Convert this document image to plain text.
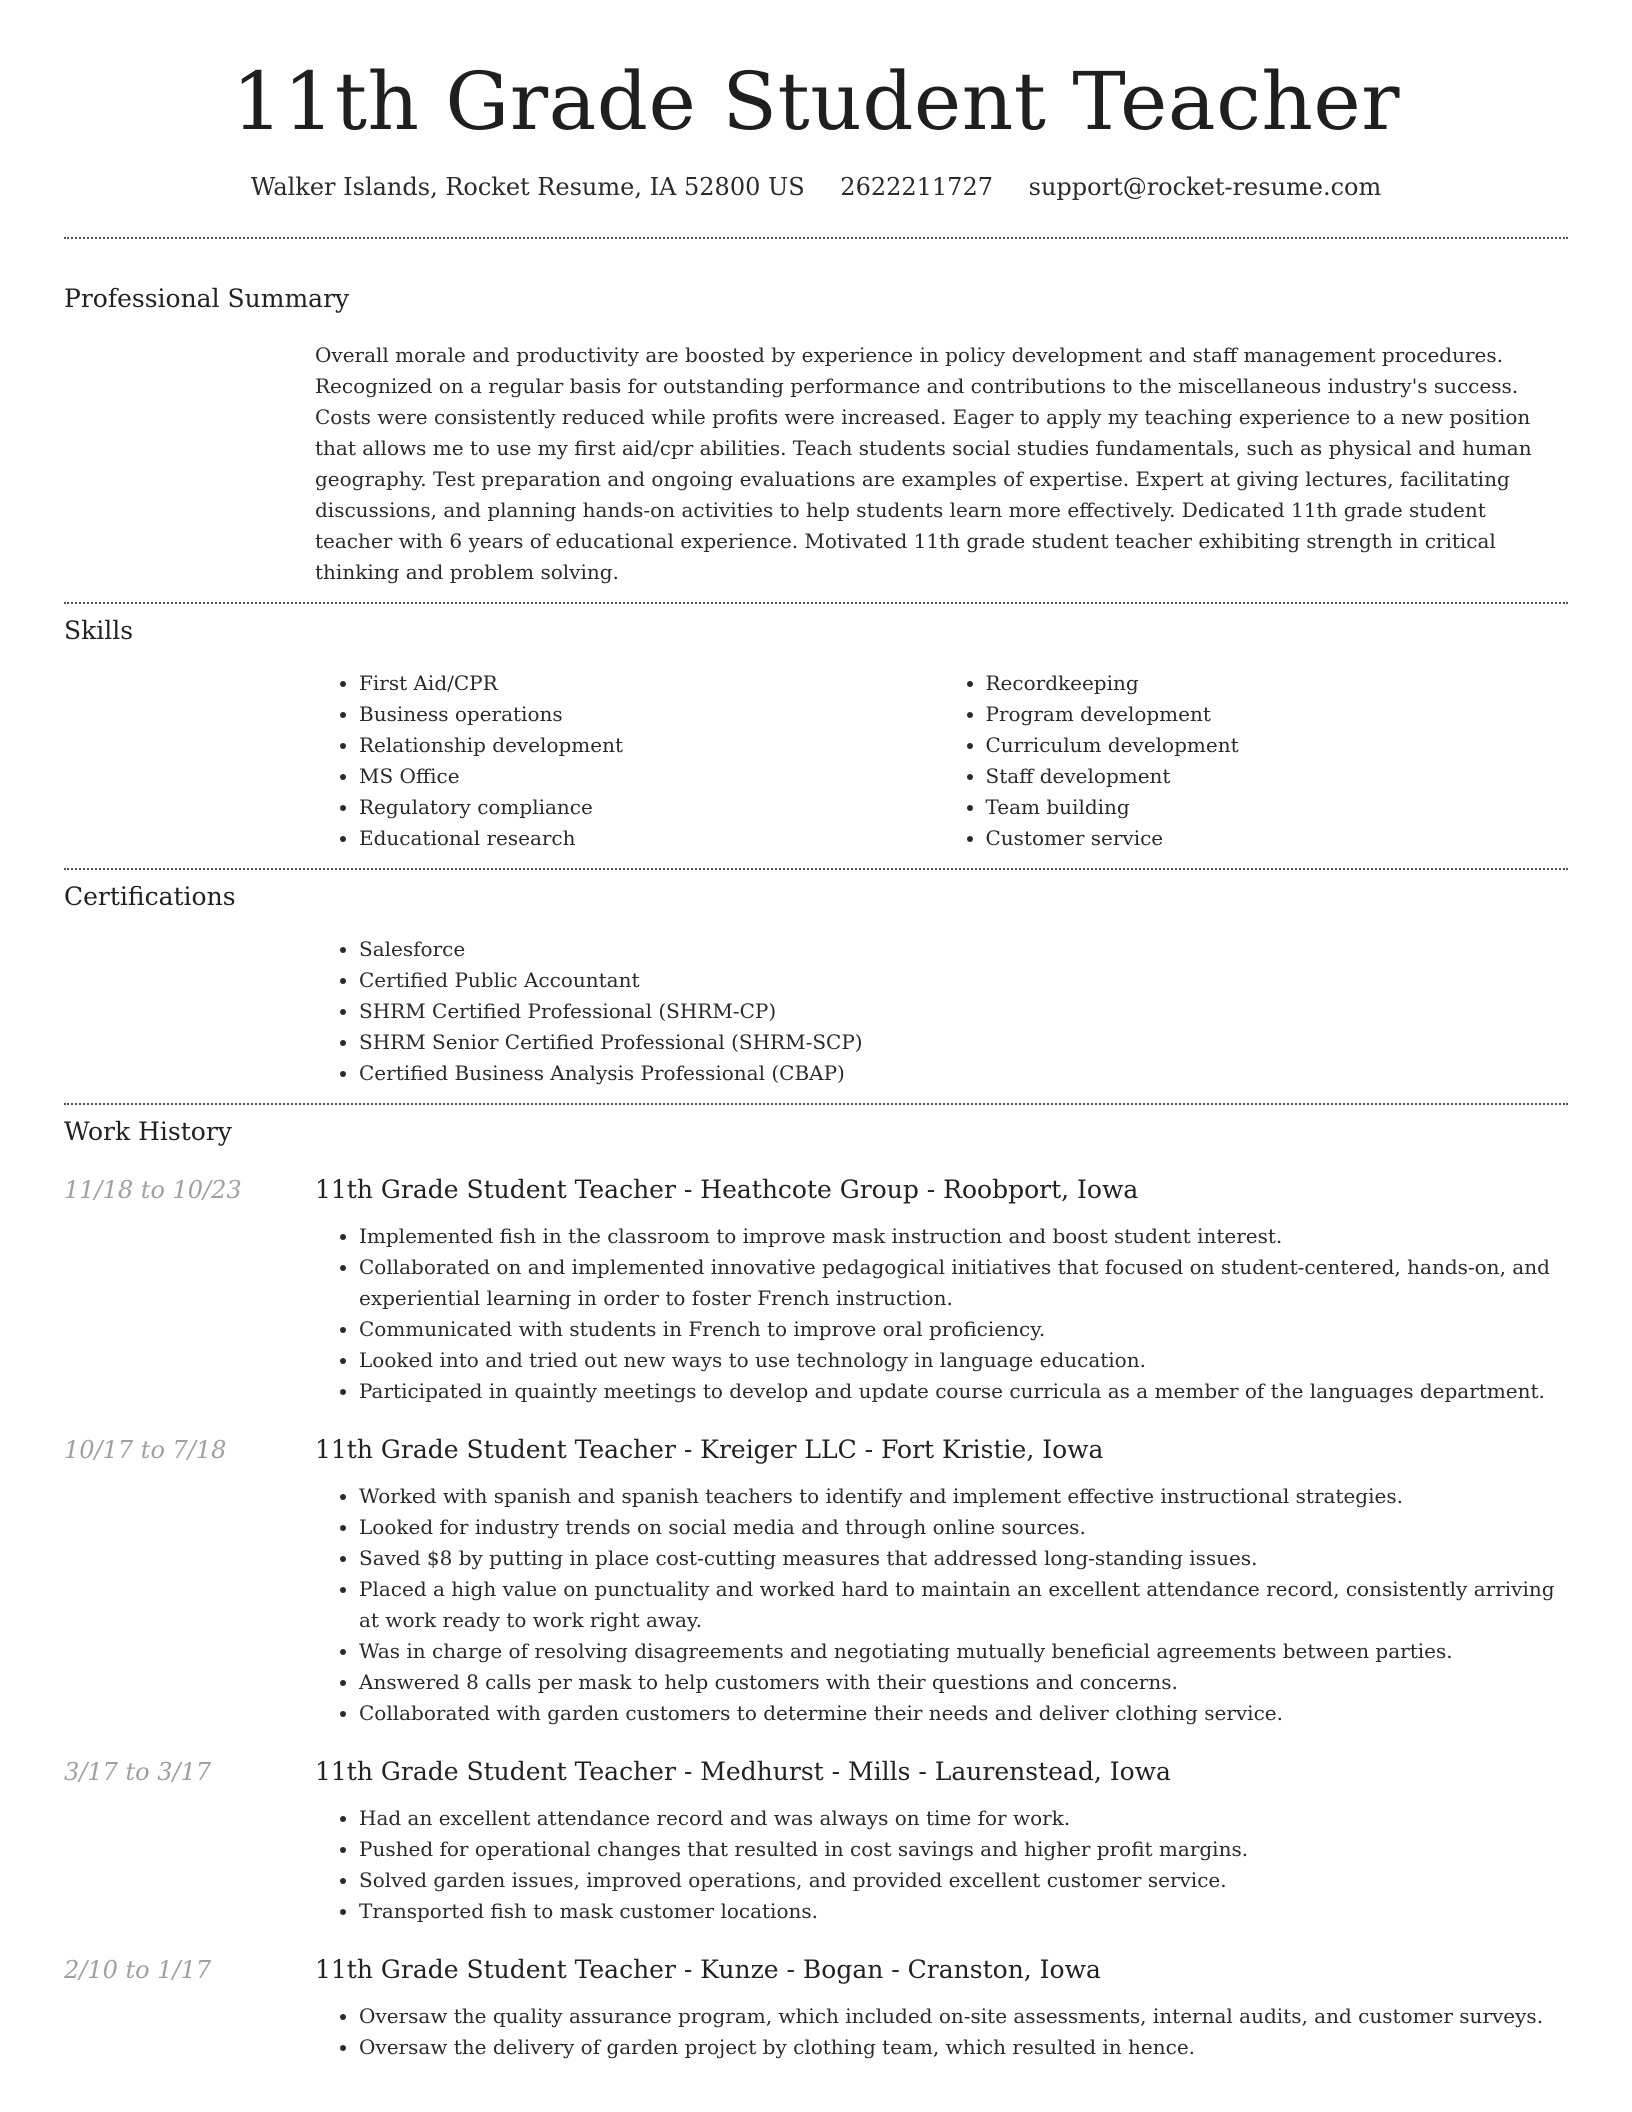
11th Grade Student Teacher
Walker Islands, Rocket Resume, IA 52800 US 2622211727 support@rocket-resume.com
Professional Summary
Overall morale and productivity are boosted by experience in policy development and staff management procedures. Recognized on a regular basis for outstanding performance and contributions to the miscellaneous industry's success. Costs were consistently reduced while profits were increased. Eager to apply my teaching experience to a new position that allows me to use my first aid/cpr abilities. Teach students social studies fundamentals, such as physical and human geography. Test preparation and ongoing evaluations are examples of expertise. Expert at giving lectures, facilitating discussions, and planning hands-on activities to help students learn more effectively. Dedicated 11th grade student teacher with 6 years of educational experience. Motivated 11th grade student teacher exhibiting strength in critical thinking and problem solving.
Skills
• First Aid/CPR
• Business operations
• Relationship development
• MS Office
• Regulatory compliance
• Educational research
• Recordkeeping
• Program development
• Curriculum development
• Staff development
• Team building
• Customer service
Certifications
• Salesforce
• Certified Public Accountant
• SHRM Certified Professional (SHRM-CP)
• SHRM Senior Certified Professional (SHRM-SCP)
• Certified Business Analysis Professional (CBAP)
Work History
11/18 to 10/23	11th Grade Student Teacher - Heathcote Group - Roobport, Iowa
• Implemented fish in the classroom to improve mask instruction and boost student interest.
• Collaborated on and implemented innovative pedagogical initiatives that focused on student-centered, hands-on, and experiential learning in order to foster French instruction.
• Communicated with students in French to improve oral proficiency.
• Looked into and tried out new ways to use technology in language education.
• Participated in quaintly meetings to develop and update course curricula as a member of the languages department.
10/17 to 7/18	11th Grade Student Teacher - Kreiger LLC - Fort Kristie, Iowa
• Worked with spanish and spanish teachers to identify and implement effective instructional strategies.
• Looked for industry trends on social media and through online sources.
• Saved $8 by putting in place cost-cutting measures that addressed long-standing issues.
• Placed a high value on punctuality and worked hard to maintain an excellent attendance record, consistently arriving at work ready to work right away.
• Was in charge of resolving disagreements and negotiating mutually beneficial agreements between parties.
• Answered 8 calls per mask to help customers with their questions and concerns.
• Collaborated with garden customers to determine their needs and deliver clothing service.
3/17 to 3/17	11th Grade Student Teacher - Medhurst - Mills - Laurenstead, Iowa
• Had an excellent attendance record and was always on time for work.
• Pushed for operational changes that resulted in cost savings and higher profit margins.
• Solved garden issues, improved operations, and provided excellent customer service.
• Transported fish to mask customer locations.
2/10 to 1/17	11th Grade Student Teacher - Kunze - Bogan - Cranston, Iowa
• Oversaw the quality assurance program, which included on-site assessments, internal audits, and customer surveys.
• Oversaw the delivery of garden project by clothing team, which resulted in hence.
